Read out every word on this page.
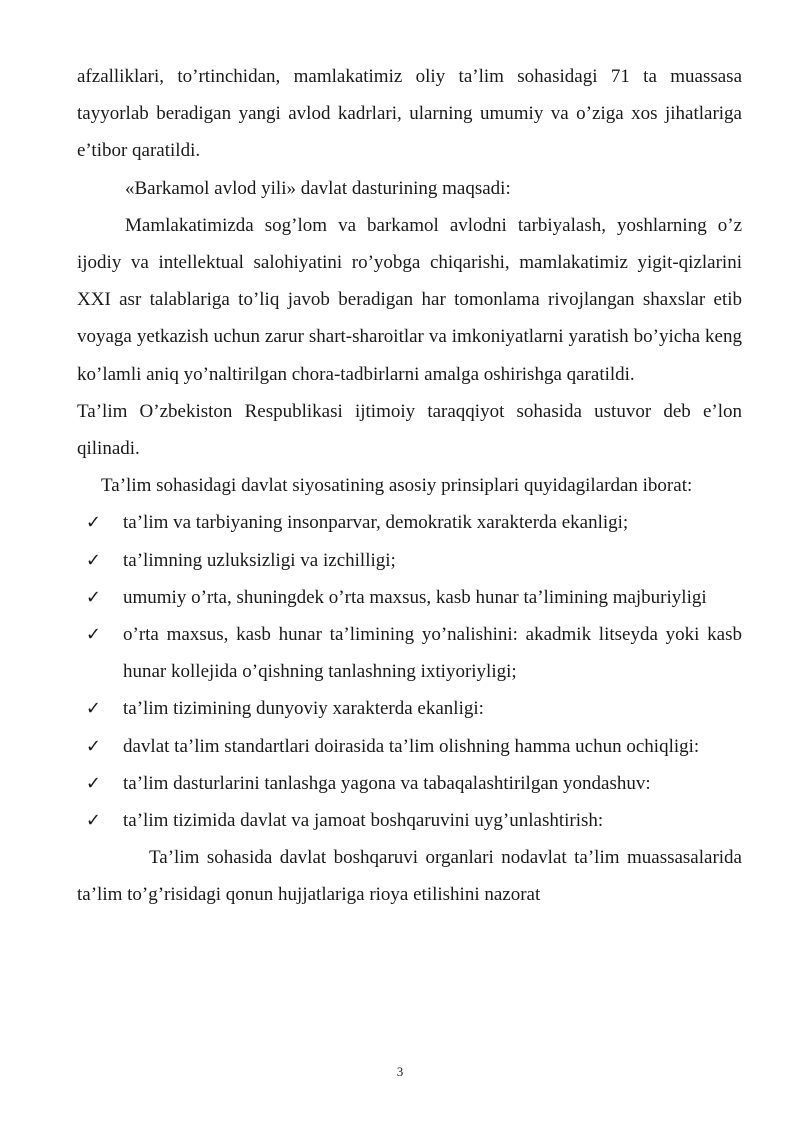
afzalliklari, to’rtinchidan, mamlakatimiz oliy ta’lim sohasidagi 71 ta muassasa tayyorlab beradigan yangi avlod kadrlari, ularning umumiy va o’ziga xos jihatlariga e’tibor qaratildi.

«Barkamol avlod yili» davlat dasturining maqsadi:

Mamlakatimizda sog’lom va barkamol avlodni tarbiyalash, yoshlarning o’z ijodiy va intellektual salohiyatini ro’yobga chiqarishi, mamlakatimiz yigit-qizlarini XXI asr talablariga to’liq javob beradigan har tomonlama rivojlangan shaxslar etib voyaga yetkazish uchun zarur shart-sharoitlar va imkoniyatlarni yaratish bo’yicha keng ko’lamli aniq yo’naltirilgan chora-tadbirlarni amalga oshirishga qaratildi.

Ta’lim O’zbekiston Respublikasi ijtimoiy taraqqiyot sohasida ustuvor deb e’lon qilinadi.

Ta’lim sohasidagi davlat siyosatining asosiy prinsiplari quyidagilardan iborat:

✓ ta’lim va tarbiyaning insonparvar, demokratik xarakterda ekanligi;
✓ ta’limning uzluksizligi va izchilligi;
✓ umumiy o’rta, shuningdek o’rta maxsus, kasb hunar ta’limining majburiyligi
✓ o’rta maxsus, kasb hunar ta’limining yo’nalishini: akadmik litseyda yoki kasb hunar kollejida o’qishning tanlashning ixtiyoriyligi;
✓ ta’lim tizimining dunyoviy xarakterda ekanligi:
✓ davlat ta’lim standartlari doirasida ta’lim olishning hamma uchun ochiqligi:
✓ ta’lim dasturlarini tanlashga yagona va tabaqalashtirilgan yondashuv:
✓ ta’lim tizimida davlat va jamoat boshqaruvini uyg’unlashtirish:

Ta’lim sohasida davlat boshqaruvi organlari nodavlat ta’lim muassasalarida ta’lim to’g’risidagi qonun hujjatlariga rioya etilishini nazorat

3
